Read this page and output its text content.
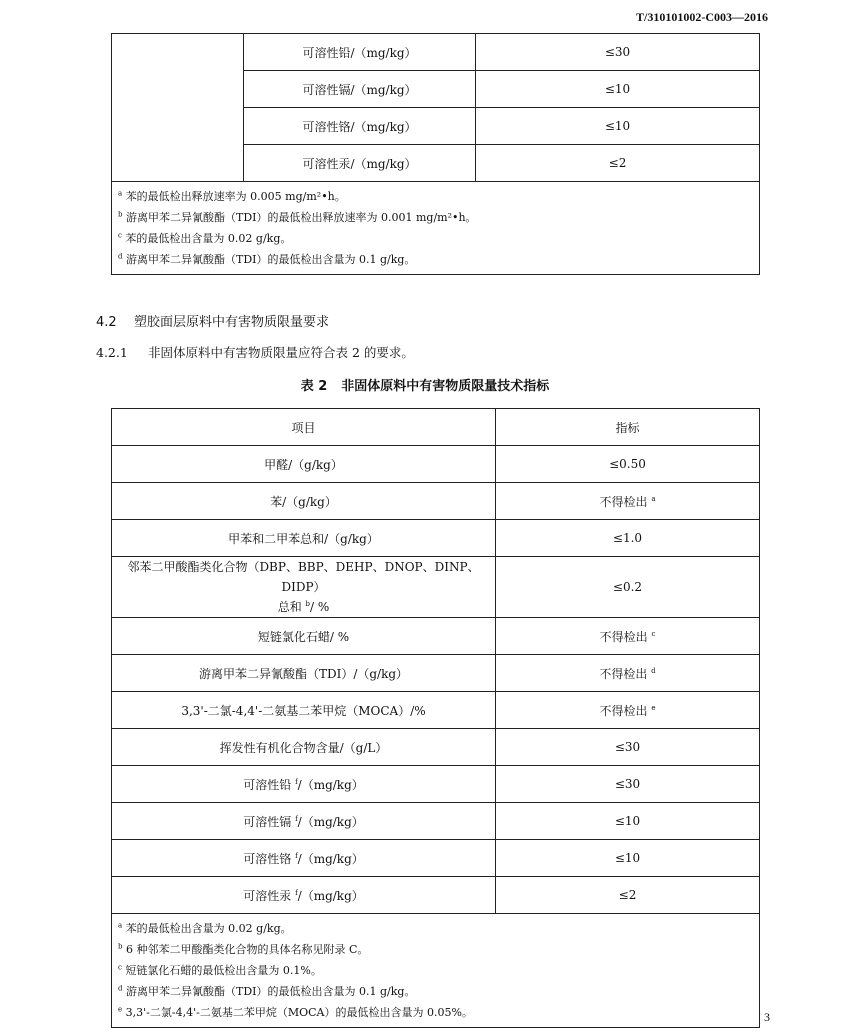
T/310101002-C003—2016
	可溶性铅/（mg/kg）	≤30
	可溶性镉/（mg/kg）	≤10
	可溶性铬/（mg/kg）	≤10
	可溶性汞/（mg/kg）	≤2

$^a$ 苯的最低检出释放速率为 0.005 mg/m²•h。
$^b$ 游离甲苯二异氰酸酯（TDI）的最低检出释放速率为 0.001 mg/m²•h。
$^c$ 苯的最低检出含量为 0.02 g/kg。
$^d$ 游离甲苯二异氰酸酯（TDI）的最低检出含量为 0.1 g/kg。		
4.2 塑胶面层原料中有害物质限量要求
4.2.1 非固体原料中有害物质限量应符合表 2 的要求。
表 2 非固体原料中有害物质限量技术指标
项目	指标
甲醛/（g/kg）	≤0.50
苯/（g/kg）	不得检出 $^a$
甲苯和二甲苯总和/（g/kg）	≤1.0
邻苯二甲酸酯类化合物（DBP、BBP、DEHP、DNOP、DINP、DIDP）
总和 $^b$/ %	≤0.2
短链氯化石蜡/ %	不得检出 $^c$
游离甲苯二异氰酸酯（TDI）/（g/kg）	不得检出 $^d$
3,3'-二氯-4,4'-二氨基二苯甲烷（MOCA）/%	不得检出 $^e$
挥发性有机化合物含量/（g/L）	≤30
可溶性铅 $^f$/（mg/kg）	≤30
可溶性镉 $^f$/（mg/kg）	≤10
可溶性铬 $^f$/（mg/kg）	≤10
可溶性汞 $^f$/（mg/kg）	≤2

$^a$ 苯的最低检出含量为 0.02 g/kg。
$^b$ 6 种邻苯二甲酸酯类化合物的具体名称见附录 C。
$^c$ 短链氯化石蜡的最低检出含量为 0.1%。
$^d$ 游离甲苯二异氰酸酯（TDI）的最低检出含量为 0.1 g/kg。
$^e$ 3,3'-二氯-4,4'-二氨基二苯甲烷（MOCA）的最低检出含量为 0.05%。		3
